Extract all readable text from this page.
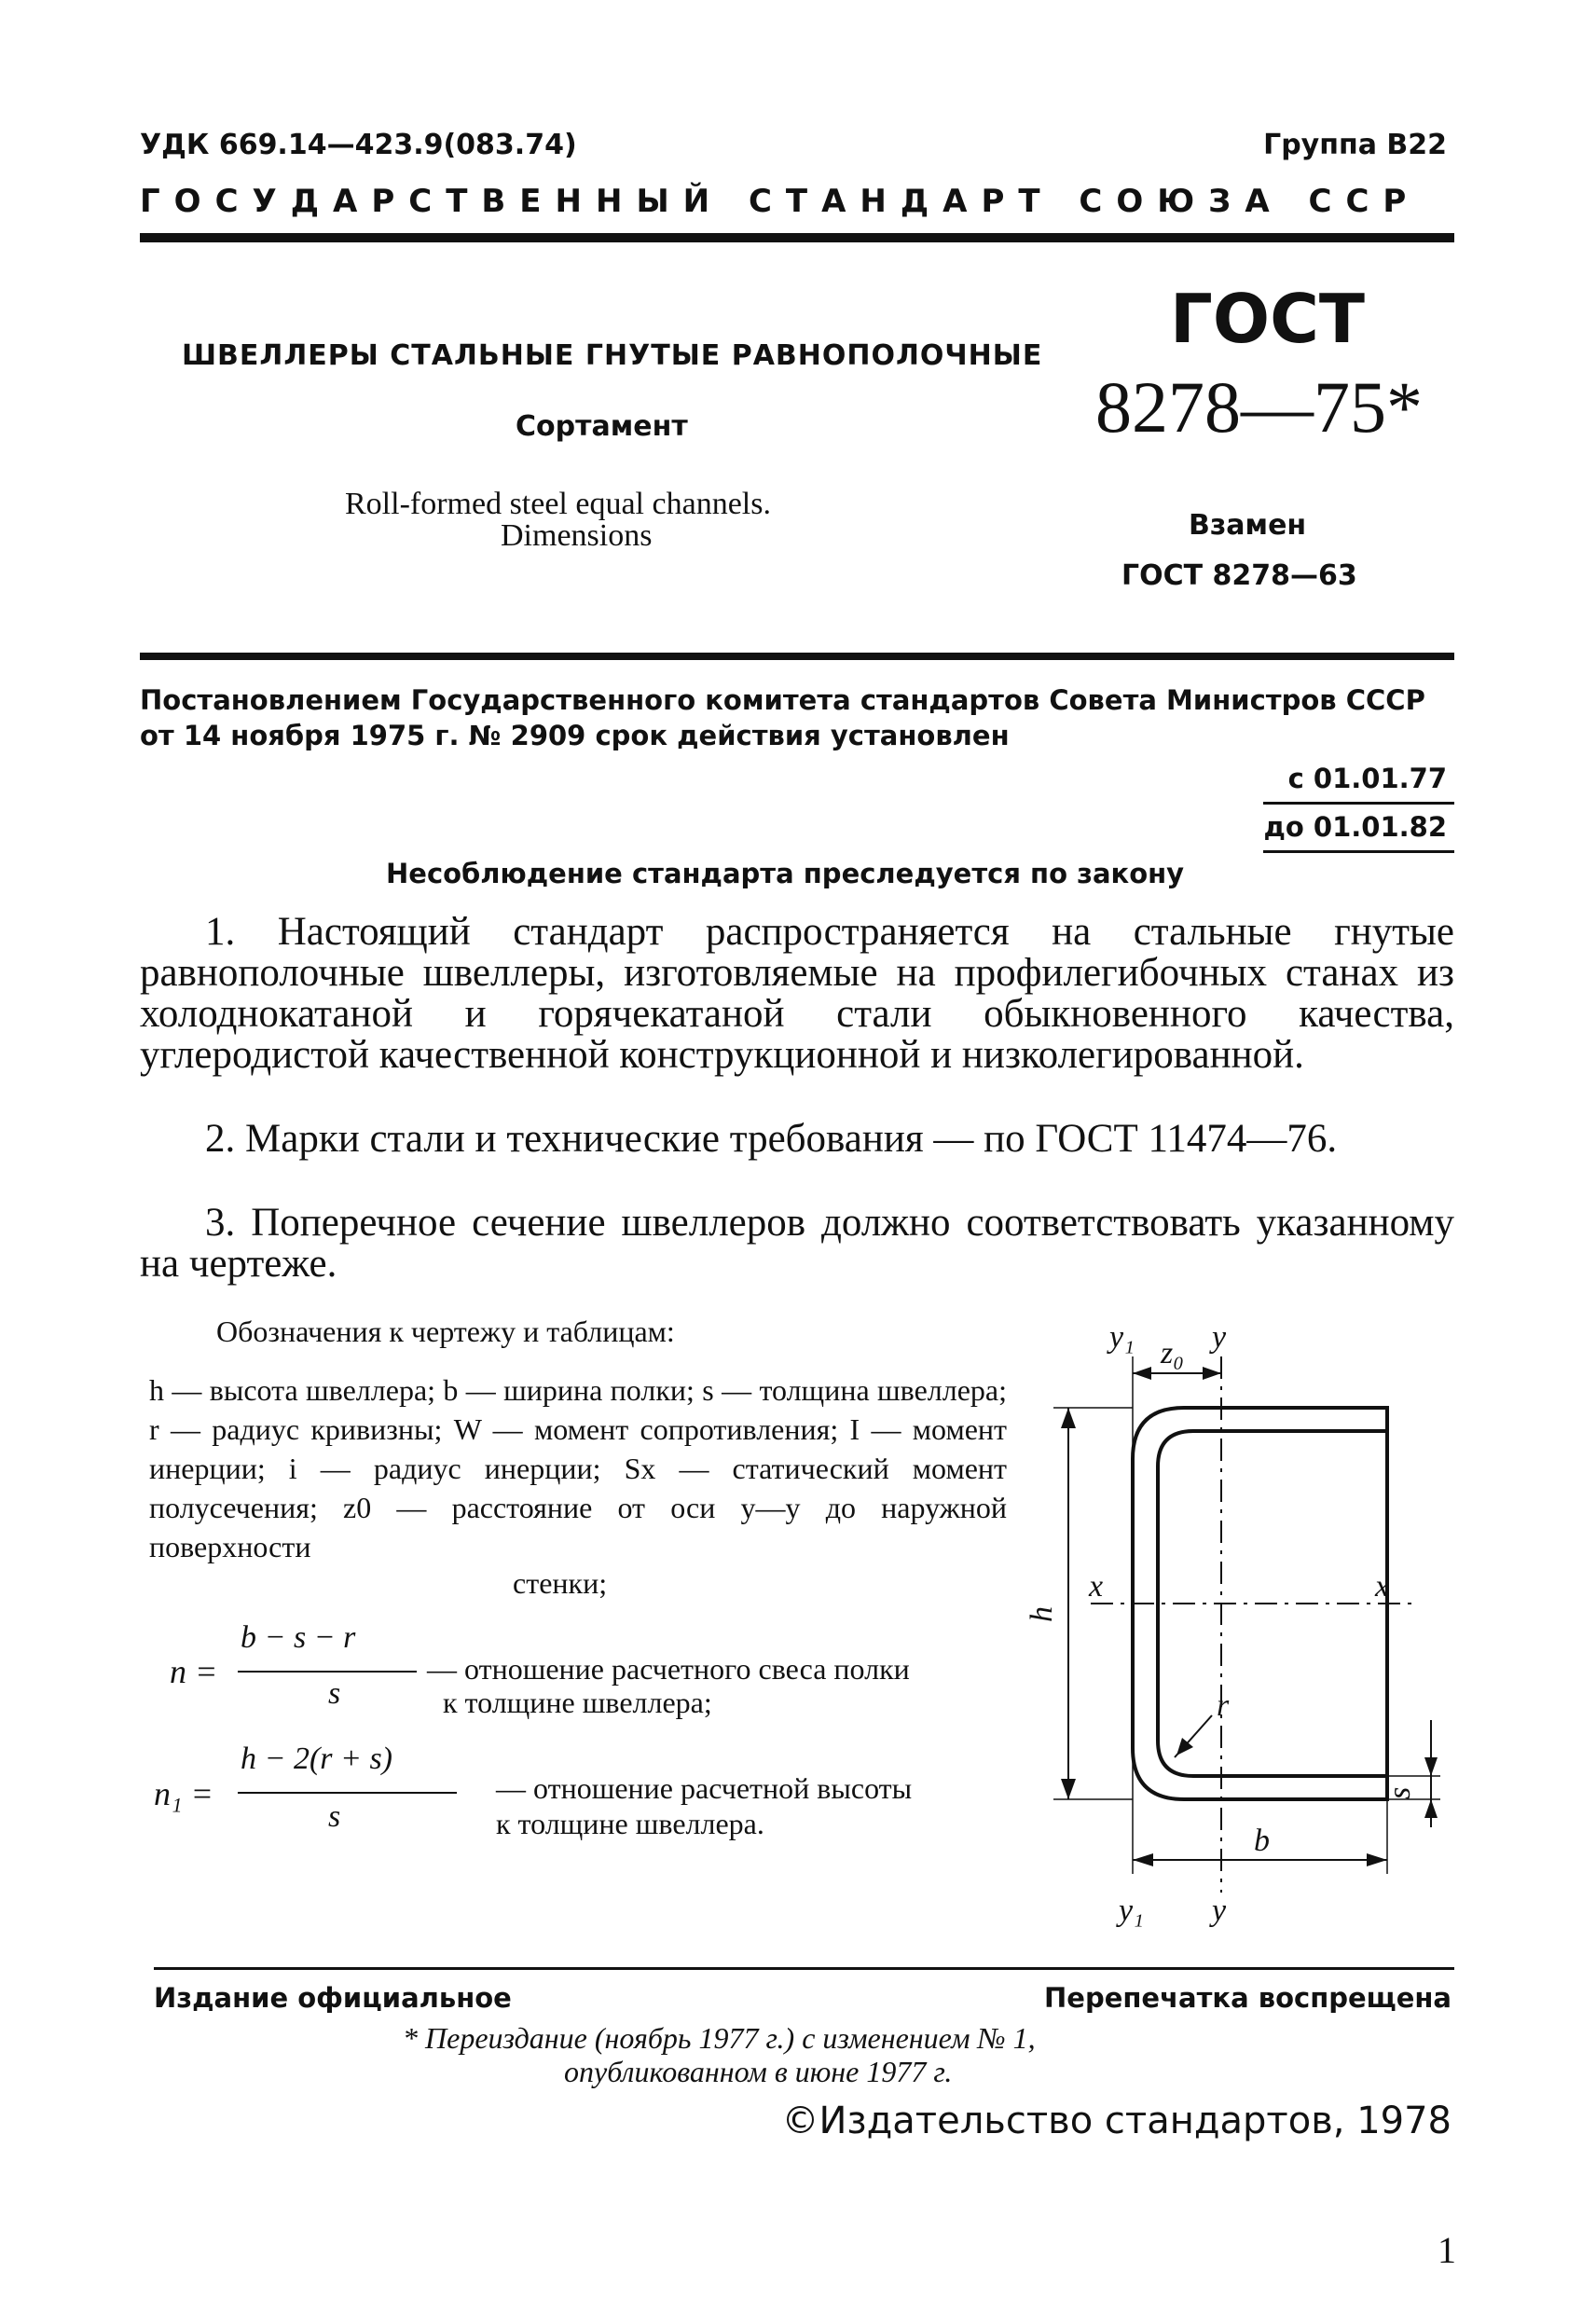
УДК 669.14—423.9(083.74)	Группа В22

ГОСУДАРСТВЕННЫЙ СТАНДАРТ СОЮЗА ССР

ШВЕЛЛЕРЫ СТАЛЬНЫЕ ГНУТЫЕ РАВНОПОЛОЧНЫЕ

Сортамент

Roll-formed steel equal channels.

Dimensions

ГОСТ

8278—75*

Взамен

ГОСТ 8278—63

Постановлением Государственного комитета стандартов Совета Министров СССР

от 14 ноября 1975 г. № 2909 срок действия установлен

с 01.01.77

до 01.01.82

Несоблюдение стандарта преследуется по закону

1. Настоящий стандарт распространяется на стальные гнутые равнополочные швеллеры, изготовляемые на профилегибочных станах из холоднокатаной и горячекатаной стали обыкновенного качества, углеродистой качественной конструкционной и низколегированной.

2. Марки стали и технические требования — по ГОСТ 11474—76.

3. Поперечное сечение швеллеров должно соответствовать указанному на чертеже.

Обозначения к чертежу и таблицам:

h — высота швеллера; b — ширина полки; s — толщина швеллера; r — радиус кривизны; W — момент сопротивления; I — момент инерции; i — радиус инерции; Sx — статический момент полусечения; z0 — расстояние от оси y—y до наружной поверхности

стенки;

n =

b − s − r

s

— отношение расчетного свеса полки

к толщине швеллера;

n₁ =

h − 2(r + s)

s

— отношение расчетной высоты

к толщине швеллера.

y₁ z₀ y
x	x
h
r
s
b
y₁ y

Издание официальное	Перепечатка воспрещена

* Переиздание (ноябрь 1977 г.) с изменением № 1,

опубликованном в июне 1977 г.

©Издательство стандартов, 1978

1
